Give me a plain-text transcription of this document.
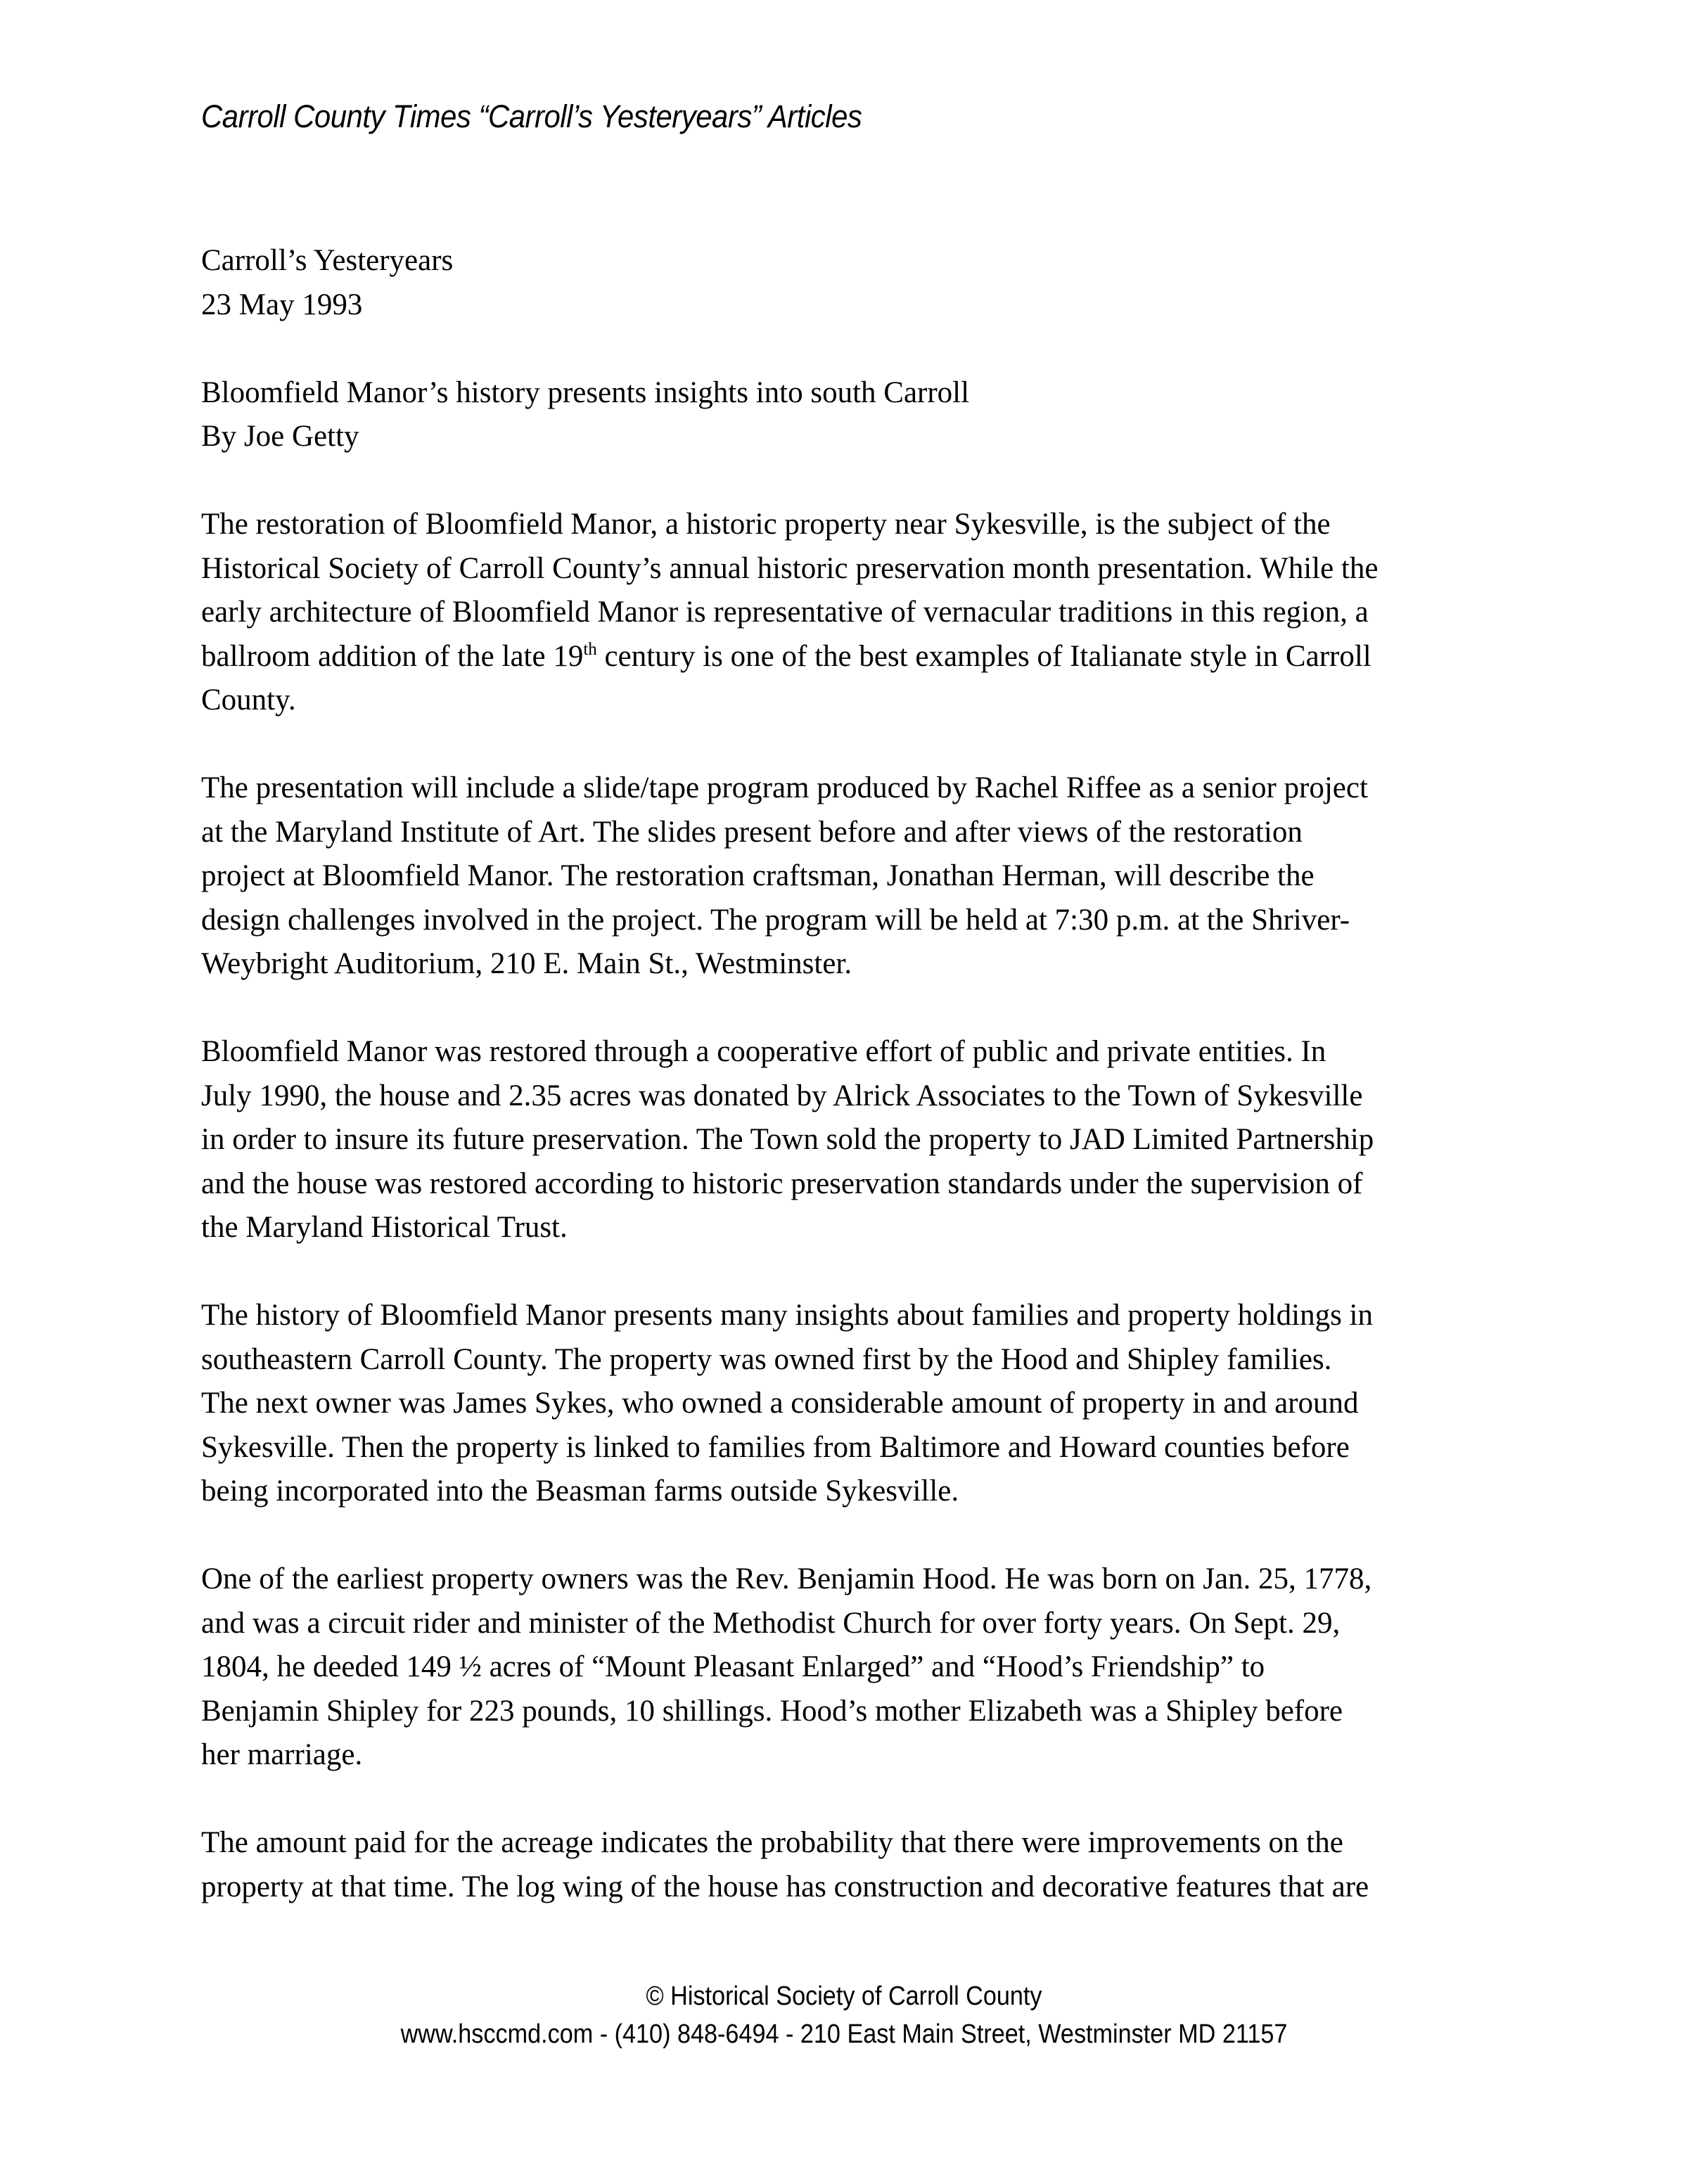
Carroll County Times “Carroll’s Yesteryears” Articles
Carroll’s Yesteryears
23 May 1993
Bloomfield Manor’s history presents insights into south Carroll
By Joe Getty

The restoration of Bloomfield Manor, a historic property near Sykesville, is the subject of the
Historical Society of Carroll County’s annual historic preservation month presentation. While the
early architecture of Bloomfield Manor is representative of vernacular traditions in this region, a
ballroom addition of the late 19th century is one of the best examples of Italianate style in Carroll
County.

The presentation will include a slide/tape program produced by Rachel Riffee as a senior project
at the Maryland Institute of Art. The slides present before and after views of the restoration
project at Bloomfield Manor. The restoration craftsman, Jonathan Herman, will describe the
design challenges involved in the project. The program will be held at 7:30 p.m. at the Shriver-
Weybright Auditorium, 210 E. Main St., Westminster.

Bloomfield Manor was restored through a cooperative effort of public and private entities. In
July 1990, the house and 2.35 acres was donated by Alrick Associates to the Town of Sykesville
in order to insure its future preservation. The Town sold the property to JAD Limited Partnership
and the house was restored according to historic preservation standards under the supervision of
the Maryland Historical Trust.

The history of Bloomfield Manor presents many insights about families and property holdings in
southeastern Carroll County. The property was owned first by the Hood and Shipley families.
The next owner was James Sykes, who owned a considerable amount of property in and around
Sykesville. Then the property is linked to families from Baltimore and Howard counties before
being incorporated into the Beasman farms outside Sykesville.

One of the earliest property owners was the Rev. Benjamin Hood. He was born on Jan. 25, 1778,
and was a circuit rider and minister of the Methodist Church for over forty years. On Sept. 29,
1804, he deeded 149 ½ acres of “Mount Pleasant Enlarged” and “Hood’s Friendship” to
Benjamin Shipley for 223 pounds, 10 shillings. Hood’s mother Elizabeth was a Shipley before
her marriage.

The amount paid for the acreage indicates the probability that there were improvements on the
property at that time. The log wing of the house has construction and decorative features that are

© Historical Society of Carroll County
www.hsccmd.com - (410) 848-6494 - 210 East Main Street, Westminster MD 21157
